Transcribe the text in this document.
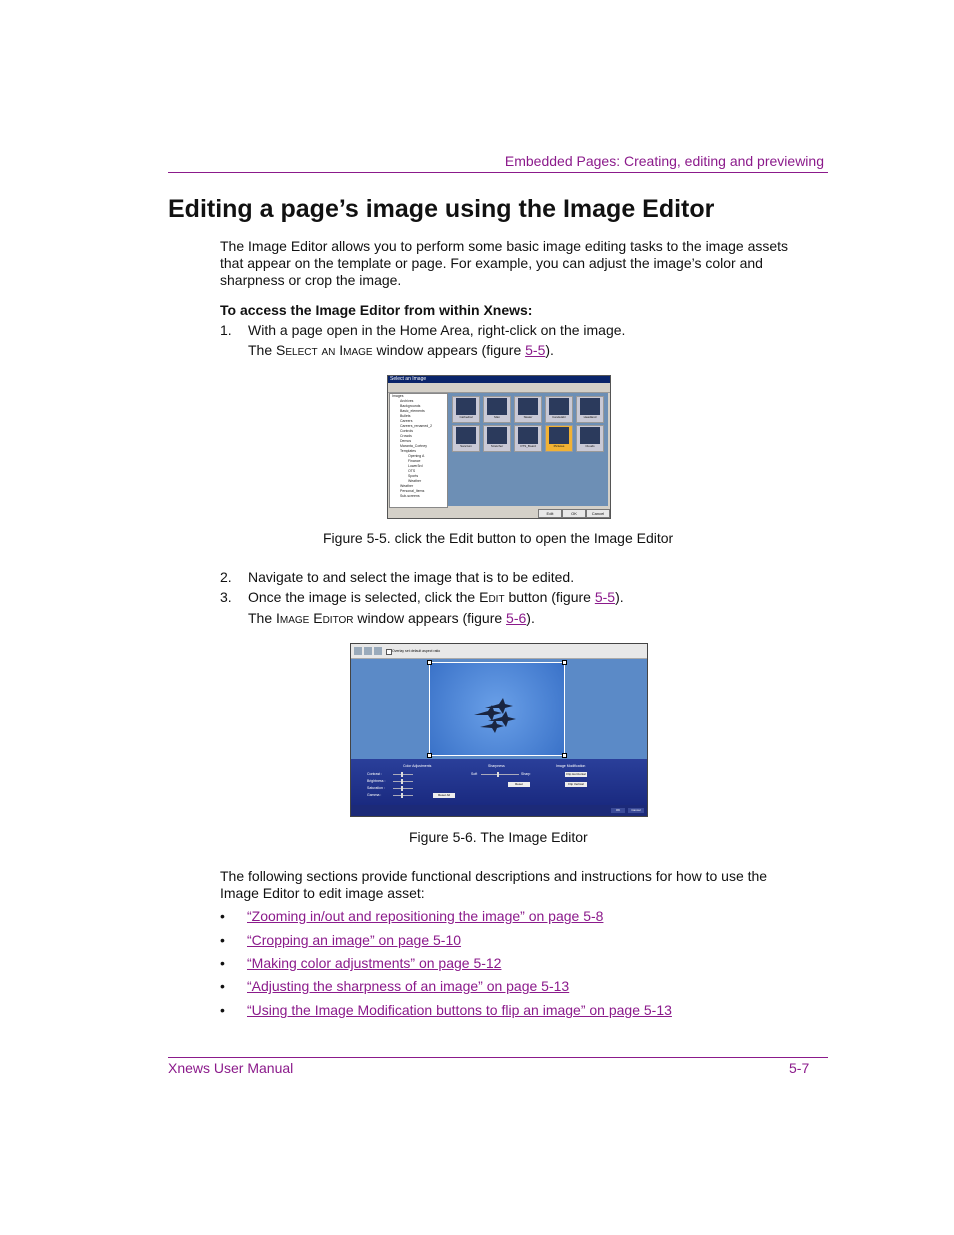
Embedded Pages: Creating, editing and previewing
Editing a page’s image using the Image Editor
The Image Editor allows you to perform some basic image editing tasks to the image assets
that appear on the template or page. For example, you can adjust the image’s color and
sharpness or crop the image.
To access the Image Editor from within Xnews:
1. With a page open in the Home Area, right-click on the image.
The Select an Image window appears (figure 5-5).
Select an Image
Images
Archives
Backgrounds
Basic_elements
Bullets
Careers
Careers_renamed_2
Controls
Crowds
Demos
Maranta_Cortney
Templates
Opening A
Finance
Lower3rd
OTS
Sports
Weather
Weather
Personal_Items
Sub-screens
Cathedral	Man	Skater	Candelabr	Headland
Sanctum	Stretcher	OTS_Board	Pictures	Clouds
Edit	OK	Cancel
Figure 5-5. click the Edit button to open the Image Editor
2. Navigate to and select the image that is to be edited.
3. Once the image is selected, click the Edit button (figure 5-5).
The Image Editor window appears (figure 5-6).
Overlay set default aspect ratio
Color Adjustments	Sharpness	Image Modification
Contrast :
Brightness :
Saturation :
Gamma :	Reset All
Soft	Sharp
Reset
Flip Horizontal
Flip Vertical
OK	Cancel
Figure 5-6. The Image Editor
The following sections provide functional descriptions and instructions for how to use the
Image Editor to edit image asset:
• “Zooming in/out and repositioning the image” on page 5-8
• “Cropping an image” on page 5-10
• “Making color adjustments” on page 5-12
• “Adjusting the sharpness of an image” on page 5-13
• “Using the Image Modification buttons to flip an image” on page 5-13
Xnews User Manual	5-7
